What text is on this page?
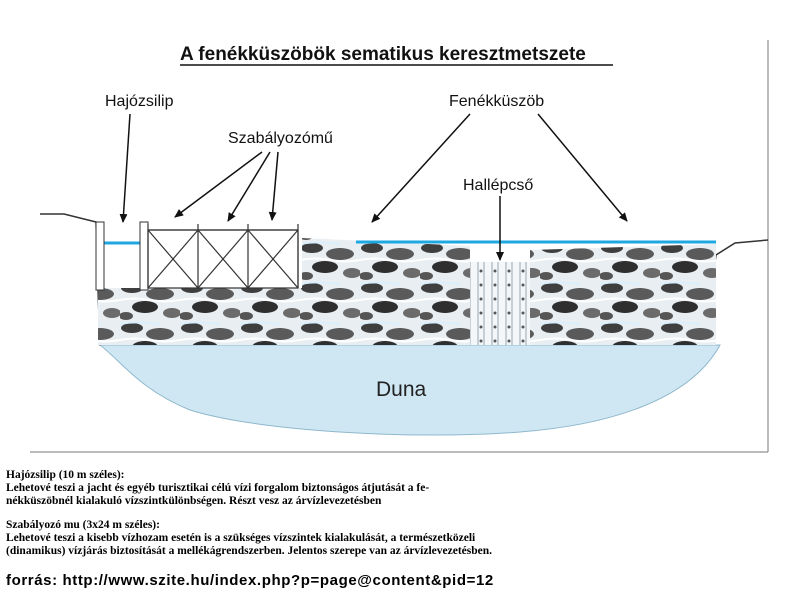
A fenékküszöbök sematikus keresztmetszete
Hajózsilip	Fenékküszöb
Szabályozómű
Hallépcső
Duna

Hajózsilip (10 m széles):

Lehetové teszi a jacht és egyéb turisztikai célú vízi forgalom biztonságos átjutását a fe-

nékküszöbnél kialakuló vízszintkülönbségen. Részt vesz az árvízlevezetésben

Szabályozó mu (3x24 m széles):

Lehetové teszi a kisebb vízhozam esetén is a szükséges vízszintek kialakulását, a természetközeli

(dinamikus) vízjárás biztosítását a mellékágrendszerben. Jelentos szerepe van az árvízlevezetésben.

forrás: http://www.szite.hu/index.php?p=page@content&pid=12
